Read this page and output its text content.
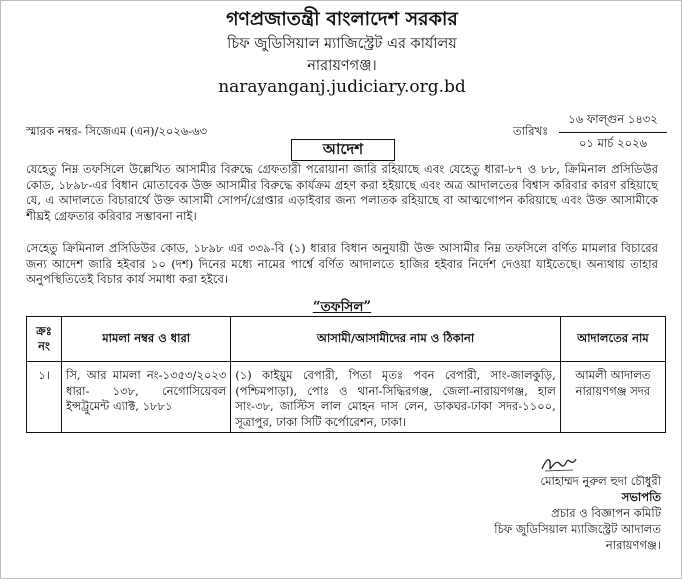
গণপ্রজাতন্ত্রী বাংলাদেশ সরকার
চিফ জুডিসিয়াল ম্যাজিস্ট্রেট এর কার্যালয়
নারায়ণগঞ্জ।
narayanganj.judiciary.org.bd
স্মারক নম্বর- সিজেএম (এন)/২০২৬-৬৩	তারিখঃ
১৬ ফাল্গুন ১৪৩২
০১ মার্চ ২০২৬
আদেশ
যেহেতু নিম্ন তফসিলে উল্লেখিত আসামীর বিরুদ্ধে গ্রেফতারী পরোয়ানা জারি রহিয়াছে এবং যেহেতু ধারা-৮৭ ও ৮৮, ক্রিমিনাল প্রসিডিউর কোড, ১৮৯৮-এর বিধান মোতাবেক উক্ত আসামীর বিরুদ্ধে কার্যক্রম গ্রহণ করা হইয়াছে এবং অত্র আদালতের বিশ্বাস করিবার কারণ রহিয়াছে যে, এ আদালতে বিচারার্থে উক্ত আসামী সোপর্দ/গ্রেপ্তার এড়াইবার জন্য পলাতক রহিয়াছে বা আত্মগোপন করিয়াছে এবং উক্ত আসামীকে শীঘ্রই গ্রেফতার করিবার সম্ভাবনা নাই।
সেহেতু ক্রিমিনাল প্রসিডিউর কোড, ১৮৯৮ এর ৩৩৯-বি (১) ধারার বিধান অনুযায়ী উক্ত আসামীর নিম্ন তফসিলে বর্ণিত মামলার বিচারের জন্য আদেশ জারি হইবার ১০ (দশ) দিনের মধ্যে নামের পার্শ্বে বর্ণিত আদালতে হাজির হইবার নির্দেশ দেওয়া যাইতেছে। অন্যথায় তাহার অনুপস্থিতিতেই বিচার কার্য সমাধা করা হইবে।
“তফসিল”
ক্রঃ নং	মামলা নম্বর ও ধারা	আসামী/আসামীদের নাম ও ঠিকানা	আদালতের নাম
১।	সি, আর মামলা নং-১৩৫৩/২০২৩ ধারা- ১৩৮, নেগোসিয়েবল ইন্সট্রুমেন্ট এ্যাক্ট, ১৮৮১	(১) কাইয়ুম বেপারী, পিতা মৃতঃ পবন বেপারী, সাং-জালকুড়ি, (পশ্চিমপাড়া), পোঃ ও থানা-সিদ্ধিরগঞ্জ, জেলা-নারায়ণগঞ্জ, হাল সাং-৩৮, জাস্টিস লাল মোহন দাস লেন, ডাকঘর-ঢাকা সদর-১১০০, সূত্রাপুর, ঢাকা সিটি কর্পোরেশন, ঢাকা।	আমলী আদালত নারায়ণগঞ্জ সদর
মোহাম্মদ নুরুল হুদা চৌধুরী
সভাপতি
প্রচার ও বিজ্ঞাপন কমিটি
চিফ জুডিসিয়াল ম্যাজিস্ট্রেট আদালত
নারায়ণগঞ্জ।
